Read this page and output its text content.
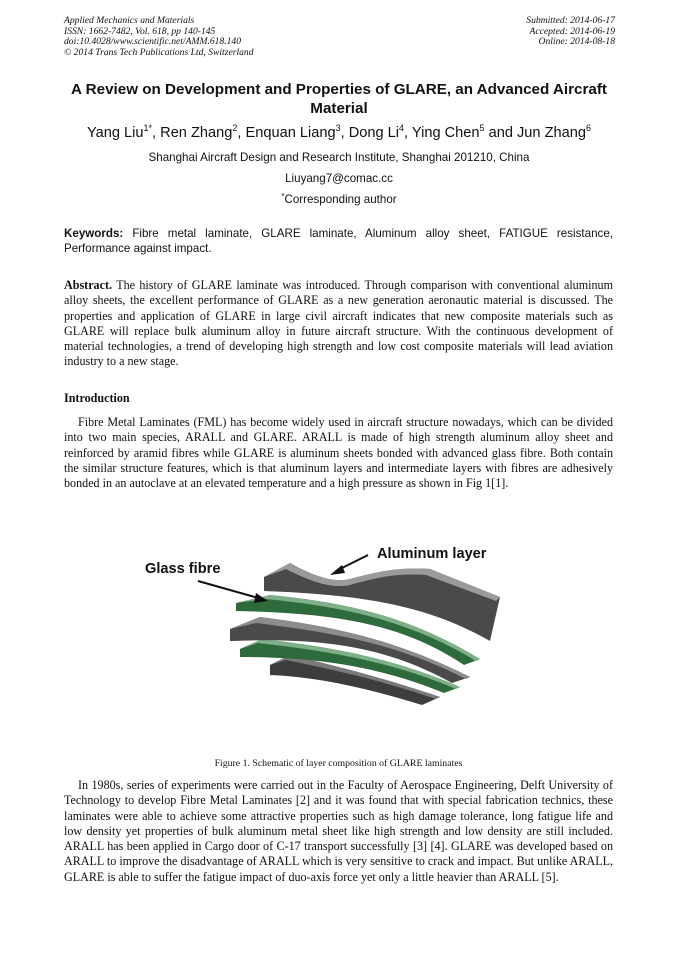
Applied Mechanics and Materials
ISSN: 1662-7482, Vol. 618, pp 140-145
doi:10.4028/www.scientific.net/AMM.618.140
© 2014 Trans Tech Publications Ltd, Switzerland
Submitted: 2014-06-17
Accepted: 2014-06-19
Online: 2014-08-18
A Review on Development and Properties of GLARE, an Advanced Aircraft Material
Yang Liu$^{1*}$, Ren Zhang$^2$, Enquan Liang$^3$, Dong Li$^4$, Ying Chen$^5$ and Jun Zhang$^6$
Shanghai Aircraft Design and Research Institute, Shanghai 201210, China
Liuyang7@comac.cc
*Corresponding author
Keywords: Fibre metal laminate, GLARE laminate, Aluminum alloy sheet, FATIGUE resistance, Performance against impact.
Abstract. The history of GLARE laminate was introduced. Through comparison with conventional aluminum alloy sheets, the excellent performance of GLARE as a new generation aeronautic material is discussed. The properties and application of GLARE in large civil aircraft indicates that new composite materials such as GLARE will replace bulk aluminum alloy in future aircraft structure. With the continuous development of material technologies, a trend of developing high strength and low cost composite materials will lead aviation industry to a new stage.
Introduction
Fibre Metal Laminates (FML) has become widely used in aircraft structure nowadays, which can be divided into two main species, ARALL and GLARE. ARALL is made of high strength aluminum alloy sheet and reinforced by aramid fibres while GLARE is aluminum sheets bonded with advanced glass fibre. Both contain the similar structure features, which is that aluminum layers and intermediate layers with fibres are adhesively bonded in an autoclave at an elevated temperature and a high pressure as shown in Fig 1[1].
Aluminum layer
Glass fibre
Figure 1. Schematic of layer composition of GLARE laminates
In 1980s, series of experiments were carried out in the Faculty of Aerospace Engineering, Delft University of Technology to develop Fibre Metal Laminates [2] and it was found that with special fabrication technics, these laminates were able to achieve some attractive properties such as high damage tolerance, long fatigue life and low density yet properties of bulk aluminum metal sheet like high strength and low density are still included. ARALL has been applied in Cargo door of C-17 transport successfully [3] [4]. GLARE was developed based on ARALL to improve the disadvantage of ARALL which is very sensitive to crack and impact. But unlike ARALL, GLARE is able to suffer the fatigue impact of duo-axis force yet only a little heavier than ARALL [5].
